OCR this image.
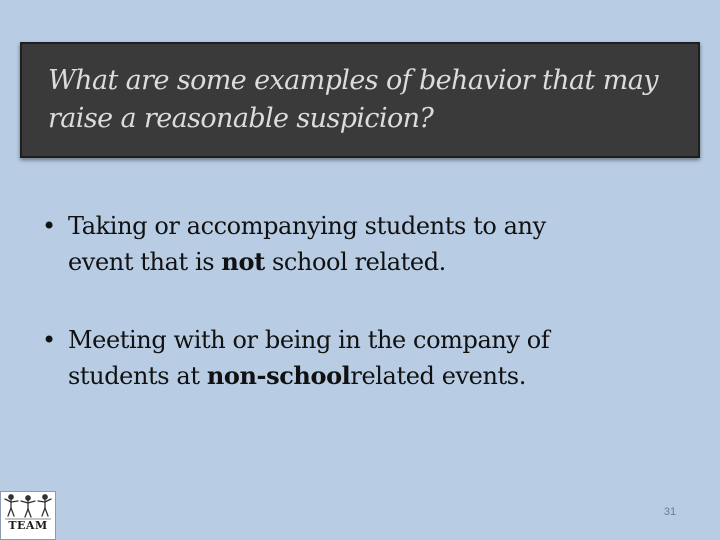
What are some examples of behavior that may
raise a reasonable suspicion?
• Taking or accompanying students to any
event that is not school related.
• Meeting with or being in the company of
students at non-schoolrelated events.
TEAM
31
